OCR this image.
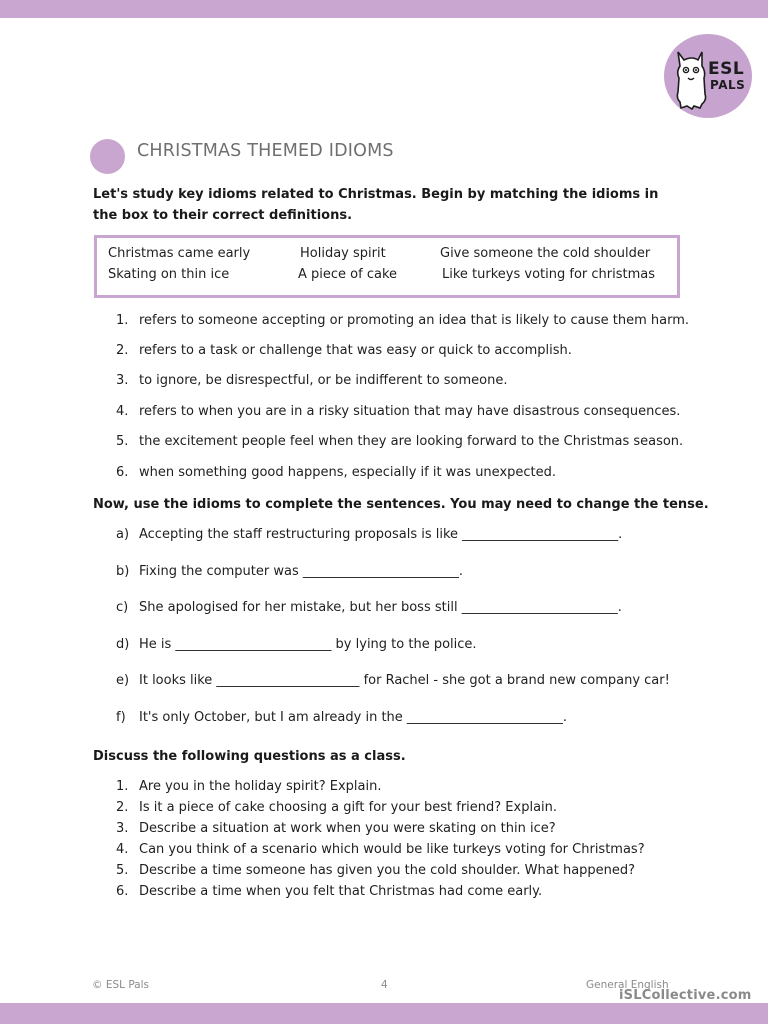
ESL
PALS
CHRISTMAS THEMED IDIOMS
Let's study key idioms related to Christmas. Begin by matching the idioms in the box to their correct definitions.
Christmas came early	Holiday spirit	Give someone the cold shoulder
Skating on thin ice	A piece of cake	Like turkeys voting for christmas
1. refers to someone accepting or promoting an idea that is likely to cause them harm.
2. refers to a task or challenge that was easy or quick to accomplish.
3. to ignore, be disrespectful, or be indifferent to someone.
4. refers to when you are in a risky situation that may have disastrous consequences.
5. the excitement people feel when they are looking forward to the Christmas season.
6. when something good happens, especially if it was unexpected.
Now, use the idioms to complete the sentences. You may need to change the tense.
a) Accepting the staff restructuring proposals is like ________________________.
b) Fixing the computer was ________________________.
c) She apologised for her mistake, but her boss still ________________________.
d) He is ________________________ by lying to the police.
e) It looks like ______________________ for Rachel - she got a brand new company car!
f) It's only October, but I am already in the ________________________.
Discuss the following questions as a class.
1. Are you in the holiday spirit? Explain.
2. Is it a piece of cake choosing a gift for your best friend? Explain.
3. Describe a situation at work when you were skating on thin ice?
4. Can you think of a scenario which would be like turkeys voting for Christmas?
5. Describe a time someone has given you the cold shoulder. What happened?
6. Describe a time when you felt that Christmas had come early.
© ESL Pals	4	General English
iSLCollective.com
